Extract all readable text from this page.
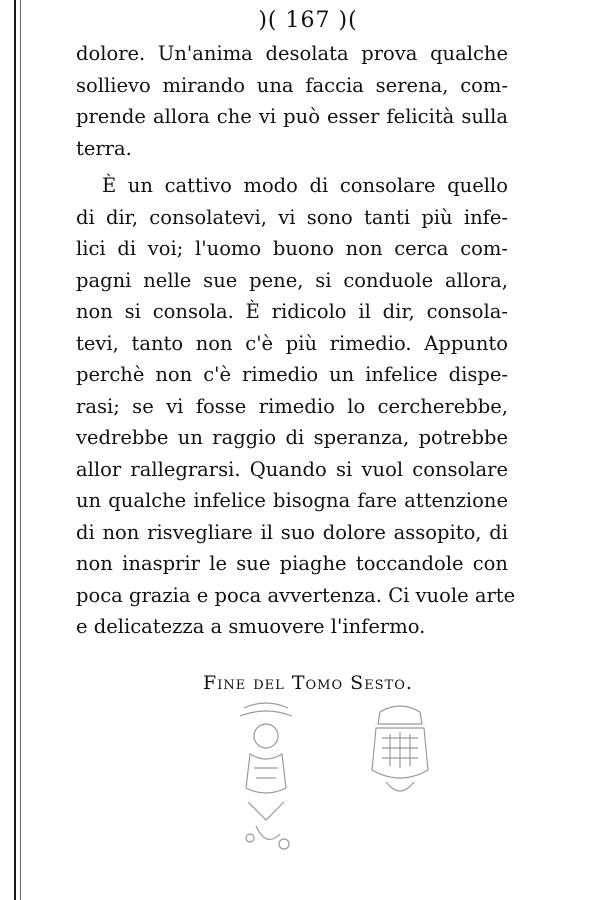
)( 167 )(
dolore. Un'anima desolata prova qualche
sollievo mirando una faccia serena, com-
prende allora che vi può esser felicità sulla
terra.
È un cattivo modo di consolare quello
di dir, consolatevi, vi sono tanti più infe-
lici di voi; l'uomo buono non cerca com-
pagni nelle sue pene, si conduole allora,
non si consola. È ridicolo il dir, consola-
tevi, tanto non c'è più rimedio. Appunto
perchè non c'è rimedio un infelice dispe-
rasi; se vi fosse rimedio lo cercherebbe,
vedrebbe un raggio di speranza, potrebbe
allor rallegrarsi. Quando si vuol consolare
un qualche infelice bisogna fare attenzione
di non risvegliare il suo dolore assopito, di
non inasprir le sue piaghe toccandole con
poca grazia e poca avvertenza. Ci vuole arte
e delicatezza a smuovere l'infermo.
Fine del Tomo Sesto.
